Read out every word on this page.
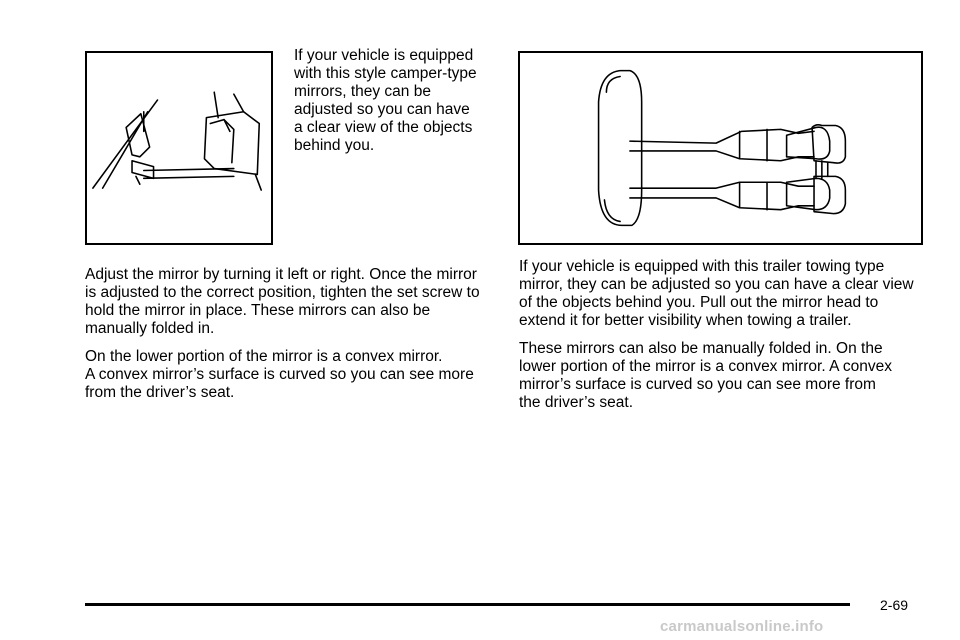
If your vehicle is equipped
with this style camper-type
mirrors, they can be
adjusted so you can have
a clear view of the objects
behind you.
Adjust the mirror by turning it left or right. Once the mirror
is adjusted to the correct position, tighten the set screw to
hold the mirror in place. These mirrors can also be
manually folded in.
On the lower portion of the mirror is a convex mirror.
A convex mirror’s surface is curved so you can see more
from the driver’s seat.
If your vehicle is equipped with this trailer towing type
mirror, they can be adjusted so you can have a clear view
of the objects behind you. Pull out the mirror head to
extend it for better visibility when towing a trailer.
These mirrors can also be manually folded in. On the
lower portion of the mirror is a convex mirror. A convex
mirror’s surface is curved so you can see more from
the driver’s seat.
2-69
carmanualsonline.info
